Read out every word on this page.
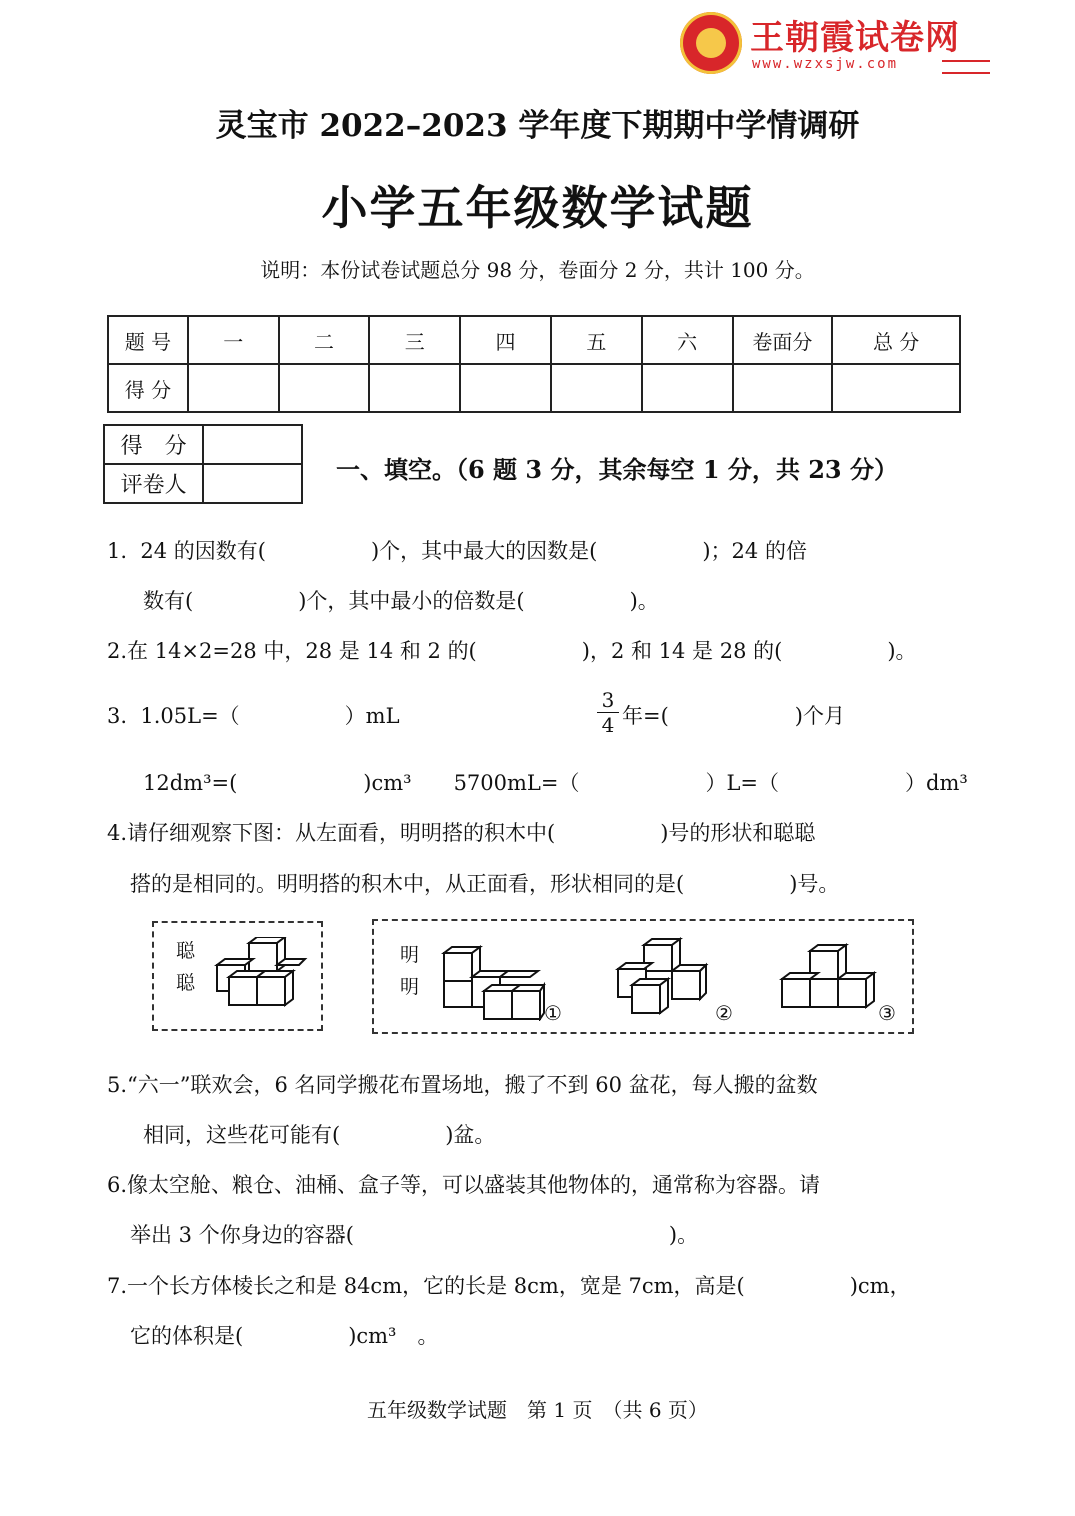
王朝霞试卷网
www.wzxsjw.com
灵宝市 2022–2023 学年度下期期中学情调研
小学五年级数学试题
说明：本份试卷试题总分 98 分，卷面分 2 分，共计 100 分。
题 号	一	二	三	四	五	六	卷面分	总 分
得 分								
得　分	
评卷人	
一、填空。（6 题 3 分，其余每空 1 分，共 23 分）
1.  24 的因数有(　　　　　)个，其中最大的因数是(　　　　　)；24 的倍
数有(　　　　　)个，其中最小的倍数是(　　　　　)。
2.在 14×2=28 中，28 是 14 和 2 的(　　　　　)，2 和 14 是 28 的(　　　　　)。
3.  1.05L=（　　　　　）mL	$\frac{3}{4}$ 年=(　　　　　　)个月
12dm³=(　　　　　　)cm³　　5700mL=（　　　　　　）L=（　　　　　　）dm³
4.请仔细观察下图：从左面看，明明搭的积木中(　　　　　)号的形状和聪聪
搭的是相同的。明明搭的积木中，从正面看，形状相同的是(　　　　　)号。
聪
聪
明
明
①	②	③
5.“六一”联欢会，6 名同学搬花布置场地，搬了不到 60 盆花，每人搬的盆数
相同，这些花可能有(　　　　　)盆。
6.像太空舱、粮仓、油桶、盒子等，可以盛装其他物体的，通常称为容器。请
举出 3 个你身边的容器(　　　　　　　　　　　　　　　)。
7.一个长方体棱长之和是 84cm，它的长是 8cm，宽是 7cm，高是(　　　　　)cm，
它的体积是(　　　　　)cm³　。
五年级数学试题　第 1 页　（共 6 页）
